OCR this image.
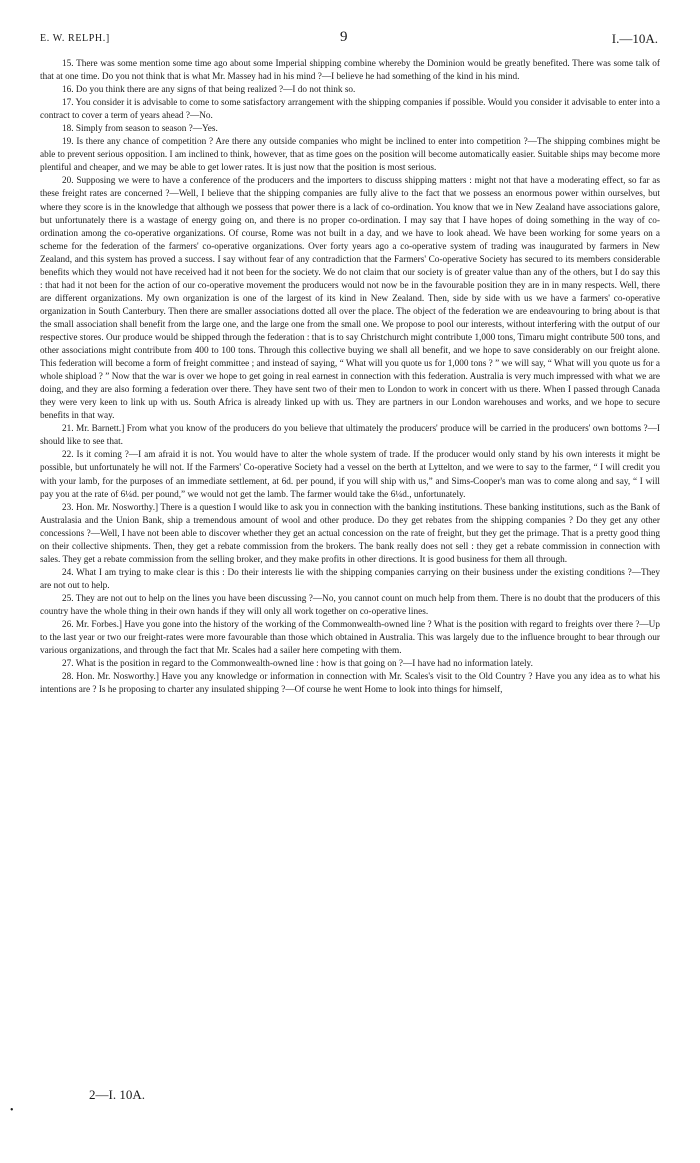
E. W. RELPH.]	9	I.—10A.

15. There was some mention some time ago about some Imperial shipping combine whereby the Dominion would be greatly benefited. There was some talk of that at one time. Do you not think that is what Mr. Massey had in his mind ?—I believe he had something of the kind in his mind.

16. Do you think there are any signs of that being realized ?—I do not think so.

17. You consider it is advisable to come to some satisfactory arrangement with the shipping companies if possible. Would you consider it advisable to enter into a contract to cover a term of years ahead ?—No.

18. Simply from season to season ?—Yes.

19. Is there any chance of competition ? Are there any outside companies who might be inclined to enter into competition ?—The shipping combines might be able to prevent serious opposition. I am inclined to think, however, that as time goes on the position will become automatically easier. Suitable ships may become more plentiful and cheaper, and we may be able to get lower rates. It is just now that the position is most serious.

20. Supposing we were to have a conference of the producers and the importers to discuss shipping matters : might not that have a moderating effect, so far as these freight rates are concerned ?—Well, I believe that the shipping companies are fully alive to the fact that we possess an enormous power within ourselves, but where they score is in the knowledge that although we possess that power there is a lack of co-ordination. You know that we in New Zealand have associations galore, but unfortunately there is a wastage of energy going on, and there is no proper co-ordination. I may say that I have hopes of doing something in the way of co-ordination among the co-operative organizations. Of course, Rome was not built in a day, and we have to look ahead. We have been working for some years on a scheme for the federation of the farmers' co-operative organizations. Over forty years ago a co-operative system of trading was inaugurated by farmers in New Zealand, and this system has proved a success. I say without fear of any contradiction that the Farmers' Co-operative Society has secured to its members considerable benefits which they would not have received had it not been for the society. We do not claim that our society is of greater value than any of the others, but I do say this : that had it not been for the action of our co-operative movement the producers would not now be in the favourable position they are in in many respects. Well, there are different organizations. My own organization is one of the largest of its kind in New Zealand. Then, side by side with us we have a farmers' co-operative organization in South Canterbury. Then there are smaller associations dotted all over the place. The object of the federation we are endeavouring to bring about is that the small association shall benefit from the large one, and the large one from the small one. We propose to pool our interests, without interfering with the output of our respective stores. Our produce would be shipped through the federation : that is to say Christchurch might contribute 1,000 tons, Timaru might contribute 500 tons, and other associations might contribute from 400 to 100 tons. Through this collective buying we shall all benefit, and we hope to save considerably on our freight alone. This federation will become a form of freight committee ; and instead of saying, “ What will you quote us for 1,000 tons ? ” we will say, “ What will you quote us for a whole shipload ? ” Now that the war is over we hope to get going in real earnest in connection with this federation. Australia is very much impressed with what we are doing, and they are also forming a federation over there. They have sent two of their men to London to work in concert with us there. When I passed through Canada they were very keen to link up with us. South Africa is already linked up with us. They are partners in our London warehouses and works, and we hope to secure benefits in that way.

21. Mr. Barnett.] From what you know of the producers do you believe that ultimately the producers' produce will be carried in the producers' own bottoms ?—I should like to see that.

22. Is it coming ?—I am afraid it is not. You would have to alter the whole system of trade. If the producer would only stand by his own interests it might be possible, but unfortunately he will not. If the Farmers' Co-operative Society had a vessel on the berth at Lyttelton, and we were to say to the farmer, “ I will credit you with your lamb, for the purposes of an immediate settlement, at 6d. per pound, if you will ship with us,” and Sims-Cooper's man was to come along and say, “ I will pay you at the rate of 6¼d. per pound,” we would not get the lamb. The farmer would take the 6¼d., unfortunately.

23. Hon. Mr. Nosworthy.] There is a question I would like to ask you in connection with the banking institutions. These banking institutions, such as the Bank of Australasia and the Union Bank, ship a tremendous amount of wool and other produce. Do they get rebates from the shipping companies ? Do they get any other concessions ?—Well, I have not been able to discover whether they get an actual concession on the rate of freight, but they get the primage. That is a pretty good thing on their collective shipments. Then, they get a rebate commission from the brokers. The bank really does not sell : they get a rebate commission in connection with sales. They get a rebate commission from the selling broker, and they make profits in other directions. It is good business for them all through.

24. What I am trying to make clear is this : Do their interests lie with the shipping companies carrying on their business under the existing conditions ?—They are not out to help.

25. They are not out to help on the lines you have been discussing ?—No, you cannot count on much help from them. There is no doubt that the producers of this country have the whole thing in their own hands if they will only all work together on co-operative lines.

26. Mr. Forbes.] Have you gone into the history of the working of the Commonwealth-owned line ? What is the position with regard to freights over there ?—Up to the last year or two our freight-rates were more favourable than those which obtained in Australia. This was largely due to the influence brought to bear through our various organizations, and through the fact that Mr. Scales had a sailer here competing with them.

27. What is the position in regard to the Commonwealth-owned line : how is that going on ?—I have had no information lately.

28. Hon. Mr. Nosworthy.] Have you any knowledge or information in connection with Mr. Scales's visit to the Old Country ? Have you any idea as to what his intentions are ? Is he proposing to charter any insulated shipping ?—Of course he went Home to look into things for himself,

2—I. 10A.
•
